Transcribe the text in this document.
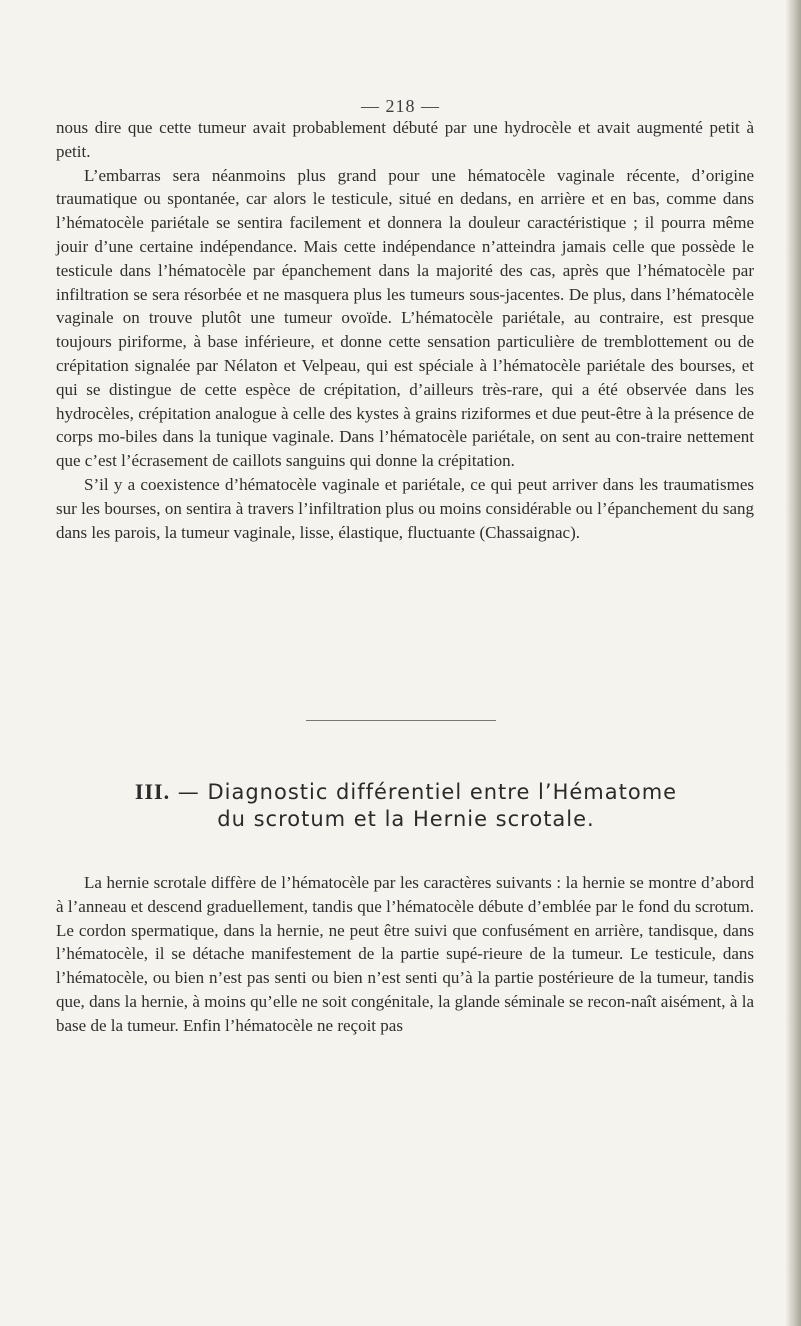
— 218 —

nous dire que cette tumeur avait probablement débuté par une hydrocèle et avait augmenté petit à petit.

L’embarras sera néanmoins plus grand pour une hématocèle vaginale récente, d’origine traumatique ou spontanée, car alors le testicule, situé en dedans, en arrière et en bas, comme dans l’hématocèle pariétale se sentira facilement et donnera la douleur caractéristique ; il pourra même jouir d’une certaine indépendance. Mais cette indépendance n’atteindra jamais celle que possède le testicule dans l’hématocèle par épanchement dans la majorité des cas, après que l’hématocèle par infiltration se sera résorbée et ne masquera plus les tumeurs sous-jacentes. De plus, dans l’hématocèle vaginale on trouve plutôt une tumeur ovoïde. L’hématocèle pariétale, au contraire, est presque toujours piriforme, à base inférieure, et donne cette sensation particulière de tremblottement ou de crépitation signalée par Nélaton et Velpeau, qui est spéciale à l’hématocèle pariétale des bourses, et qui se distingue de cette espèce de crépitation, d’ailleurs très-rare, qui a été observée dans les hydrocèles, crépitation analogue à celle des kystes à grains riziformes et due peut-être à la présence de corps mo-biles dans la tunique vaginale. Dans l’hématocèle pariétale, on sent au con-traire nettement que c’est l’écrasement de caillots sanguins qui donne la crépitation.

S’il y a coexistence d’hématocèle vaginale et pariétale, ce qui peut arriver dans les traumatismes sur les bourses, on sentira à travers l’infiltration plus ou moins considérable ou l’épanchement du sang dans les parois, la tumeur vaginale, lisse, élastique, fluctuante (Chassaignac).

III. — Diagnostic différentiel entre l’Hématome
du scrotum et la Hernie scrotale.

La hernie scrotale diffère de l’hématocèle par les caractères suivants : la hernie se montre d’abord à l’anneau et descend graduellement, tandis que l’hématocèle débute d’emblée par le fond du scrotum. Le cordon spermatique, dans la hernie, ne peut être suivi que confusément en arrière, tandisque, dans l’hématocèle, il se détache manifestement de la partie supé-rieure de la tumeur. Le testicule, dans l’hématocèle, ou bien n’est pas senti ou bien n’est senti qu’à la partie postérieure de la tumeur, tandis que, dans la hernie, à moins qu’elle ne soit congénitale, la glande séminale se recon-naît aisément, à la base de la tumeur. Enfin l’hématocèle ne reçoit pas
